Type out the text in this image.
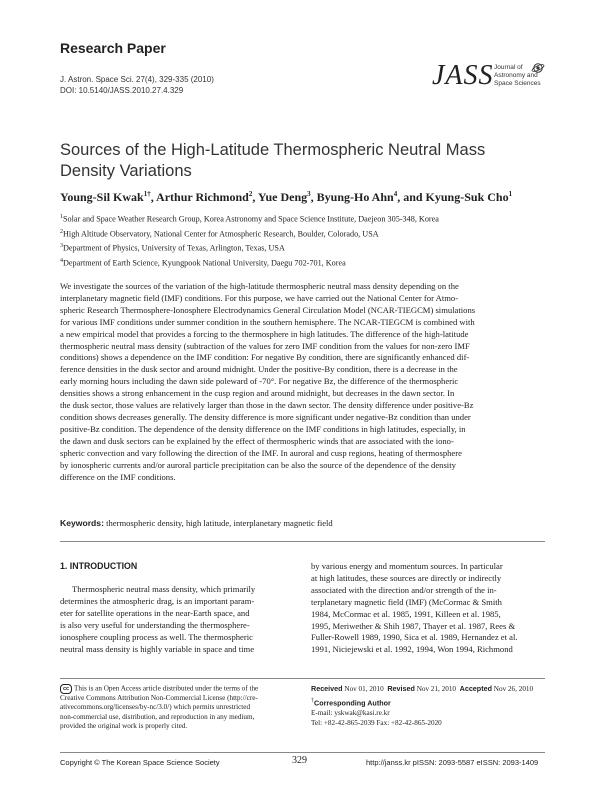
Research Paper
J. Astron. Space Sci. 27(4), 329-335 (2010)
DOI: 10.5140/JASS.2010.27.4.329	JASS Journal of
Astronomy and
Space Sciences
Sources of the High-Latitude Thermospheric Neutral Mass Density Variations
Young-Sil Kwak$^{1\dagger}$, Arthur Richmond$^2$, Yue Deng$^3$, Byung-Ho Ahn$^4$, and Kyung-Suk Cho$^1$
$^1$Solar and Space Weather Research Group, Korea Astronomy and Space Science Institute, Daejeon 305-348, Korea
$^2$High Altitude Observatory, National Center for Atmospheric Research, Boulder, Colorado, USA
$^3$Department of Physics, University of Texas, Arlington, Texas, USA
$^4$Department of Earth Science, Kyungpook National University, Daegu 702-701, Korea
We investigate the sources of the variation of the high-latitude thermospheric neutral mass density depending on the
interplanetary magnetic field (IMF) conditions. For this purpose, we have carried out the National Center for Atmo-
spheric Research Thermosphere-Ionosphere Electrodynamics General Circulation Model (NCAR-TIEGCM) simulations
for various IMF conditions under summer condition in the southern hemisphere. The NCAR-TIEGCM is combined with
a new empirical model that provides a forcing to the thermosphere in high latitudes. The difference of the high-latitude
thermospheric neutral mass density (subtraction of the values for zero IMF condition from the values for non-zero IMF
conditions) shows a dependence on the IMF condition: For negative By condition, there are significantly enhanced dif-
ference densities in the dusk sector and around midnight. Under the positive-By condition, there is a decrease in the
early morning hours including the dawn side poleward of -70°. For negative Bz, the difference of the thermospheric
densities shows a strong enhancement in the cusp region and around midnight, but decreases in the dawn sector. In
the dusk sector, those values are relatively larger than those in the dawn sector. The density difference under positive-Bz
condition shows decreases generally. The density difference is more significant under negative-Bz condition than under
positive-Bz condition. The dependence of the density difference on the IMF conditions in high latitudes, especially, in
the dawn and dusk sectors can be explained by the effect of thermospheric winds that are associated with the iono-
spheric convection and vary following the direction of the IMF. In auroral and cusp regions, heating of thermosphere
by ionospheric currents and/or auroral particle precipitation can be also the source of the dependence of the density
difference on the IMF conditions.
Keywords: thermospheric density, high latitude, interplanetary magnetic field
1. INTRODUCTION
Thermospheric neutral mass density, which primarily
determines the atmospheric drag, is an important param-
eter for satellite operations in the near-Earth space, and
is also very useful for understanding the thermosphere-
ionosphere coupling process as well. The thermospheric
neutral mass density is highly variable in space and time
by various energy and momentum sources. In particular
at high latitudes, these sources are directly or indirectly
associated with the direction and/or strength of the in-
terplanetary magnetic field (IMF) (McCormac & Smith
1984, McCormac et al. 1985, 1991, Killeen et al. 1985,
1995, Meriwether & Shih 1987, Thayer et al. 1987, Rees &
Fuller-Rowell 1989, 1990, Sica et al. 1989, Hernandez et al.
1991, Niciejewski et al. 1992, 1994, Won 1994, Richmond
cc This is an Open Access article distributed under the terms of the
Creative Commons Attribution Non-Commercial License (http://cre-
ativecommons.org/licenses/by-nc/3.0/) which permits unrestricted
non-commercial use, distribution, and reproduction in any medium,
provided the original work is properly cited.
Received Nov 01, 2010 Revised Nov 21, 2010 Accepted Nov 26, 2010
†Corresponding Author
E-mail: yskwak@kasi.re.kr
Tel: +82-42-865-2039 Fax: +82-42-865-2020
Copyright © The Korean Space Science Society	329	http://janss.kr pISSN: 2093-5587 eISSN: 2093-1409
